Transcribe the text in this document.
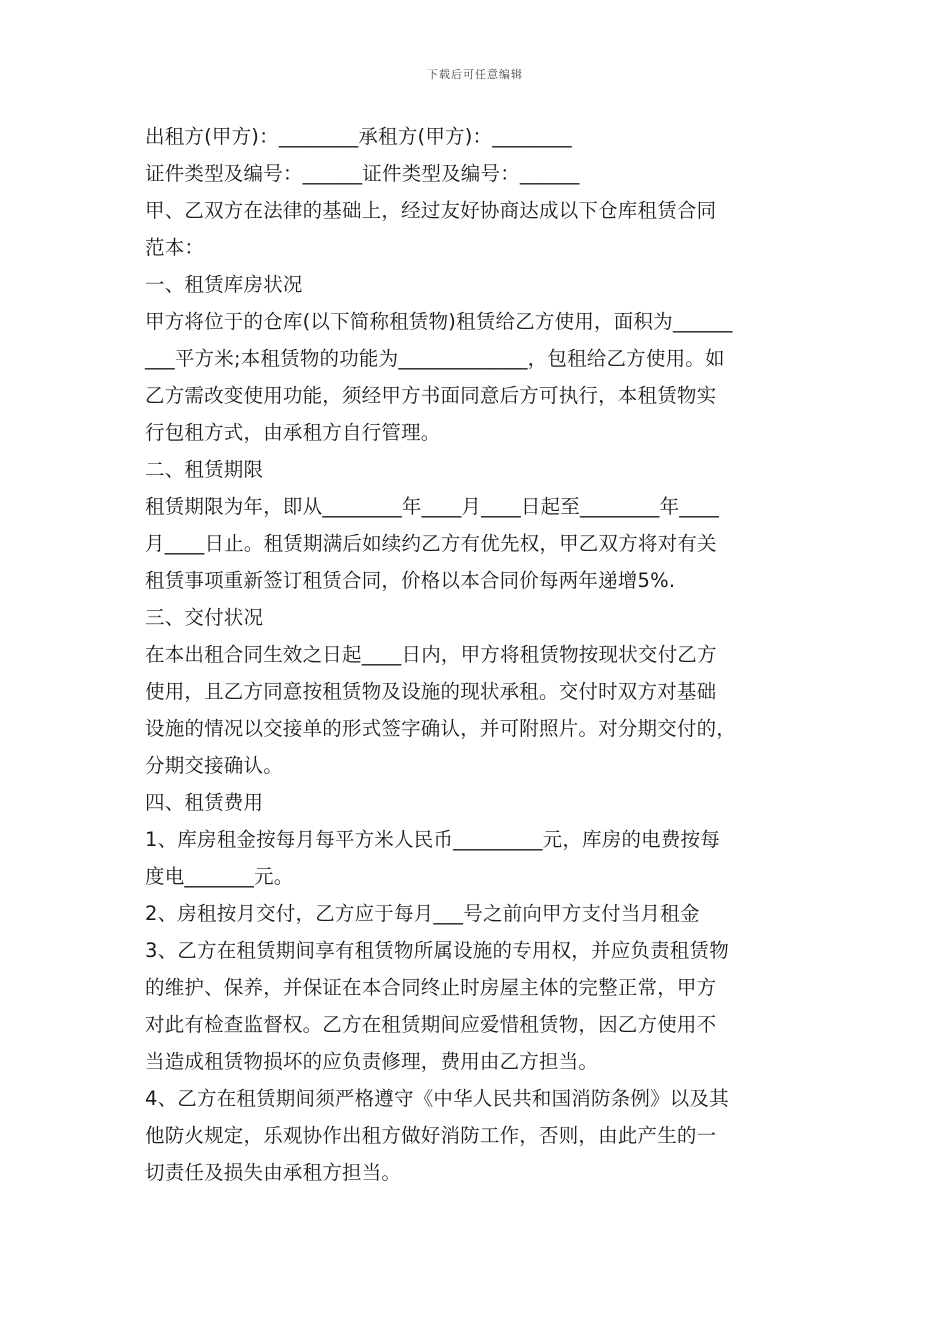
下载后可任意编辑
出租方(甲方)：________承租方(甲方)：________
证件类型及编号：______证件类型及编号：______
甲、乙双方在法律的基础上，经过友好协商达成以下仓库租赁合同
范本：
一、租赁库房状况
甲方将位于的仓库(以下简称租赁物)租赁给乙方使用，面积为______
___平方米;本租赁物的功能为_____________，包租给乙方使用。如
乙方需改变使用功能，须经甲方书面同意后方可执行，本租赁物实
行包租方式，由承租方自行管理。
二、租赁期限
租赁期限为年，即从________年____月____日起至________年____
月____日止。租赁期满后如续约乙方有优先权，甲乙双方将对有关
租赁事项重新签订租赁合同，价格以本合同价每两年递增5%.
三、交付状况
在本出租合同生效之日起____日内，甲方将租赁物按现状交付乙方
使用，且乙方同意按租赁物及设施的现状承租。交付时双方对基础
设施的情况以交接单的形式签字确认，并可附照片。对分期交付的，
分期交接确认。
四、租赁费用
1、库房租金按每月每平方米人民币_________元，库房的电费按每
度电_______元。
2、房租按月交付，乙方应于每月___号之前向甲方支付当月租金
3、乙方在租赁期间享有租赁物所属设施的专用权，并应负责租赁物
的维护、保养，并保证在本合同终止时房屋主体的完整正常，甲方
对此有检查监督权。乙方在租赁期间应爱惜租赁物，因乙方使用不
当造成租赁物损坏的应负责修理，费用由乙方担当。
4、乙方在租赁期间须严格遵守《中华人民共和国消防条例》以及其
他防火规定，乐观协作出租方做好消防工作，否则，由此产生的一
切责任及损失由承租方担当。
